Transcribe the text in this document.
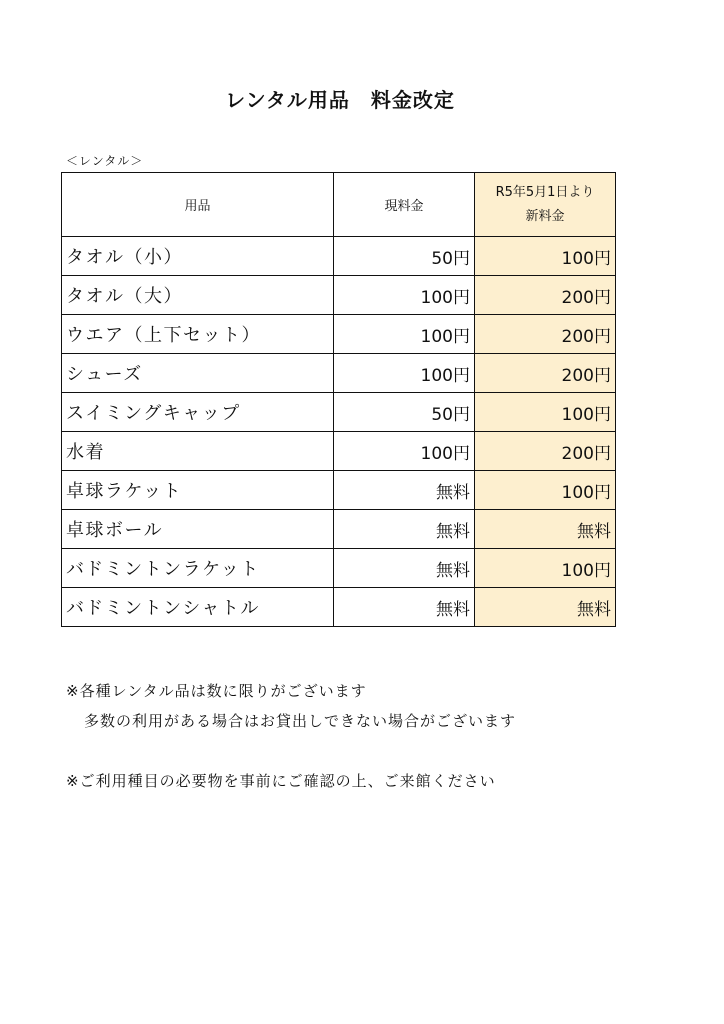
レンタル用品　料金改定
＜レンタル＞
用品	現料金	R5年5月1日より
新料金

タオル（小）	50円	100円
タオル（大）	100円	200円
ウエア（上下セット）	100円	200円
シューズ	100円	200円
スイミングキャップ	50円	100円
水着	100円	200円
卓球ラケット	無料	100円
卓球ボール	無料	無料
バドミントンラケット	無料	100円
バドミントンシャトル	無料	無料
※各種レンタル品は数に限りがございます
多数の利用がある場合はお貸出しできない場合がございます
※ご利用種目の必要物を事前にご確認の上、ご来館ください
